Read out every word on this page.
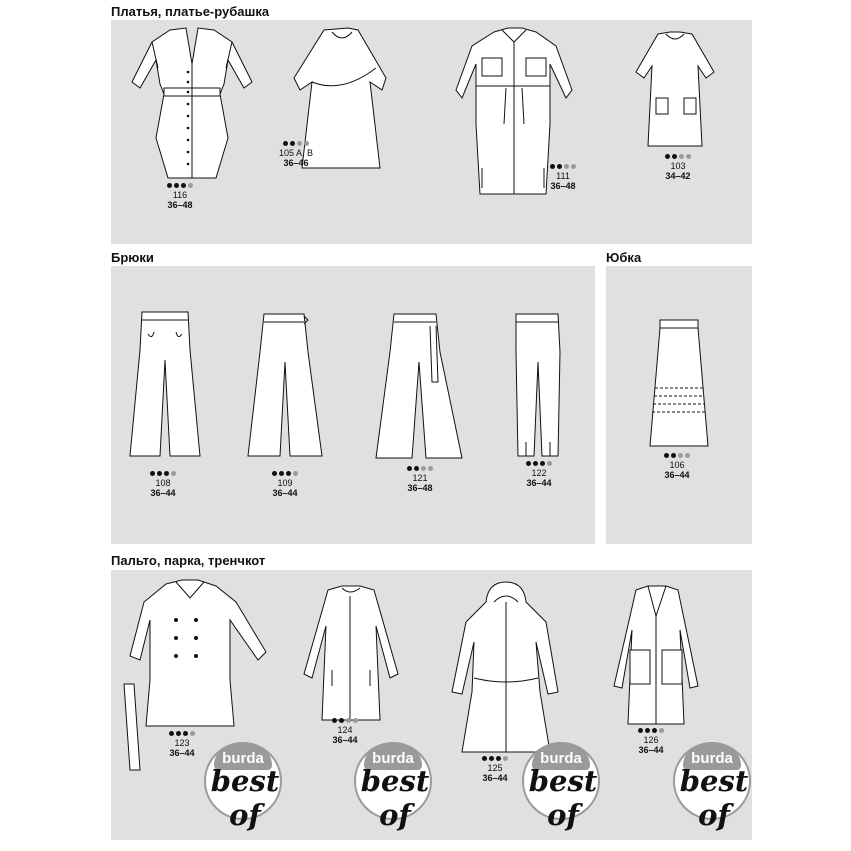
Платья, платье-рубашка
Брюки	Юбка
Пальто, парка, тренчкот
116
36–48
105 A, B
36–46
111
36–48
103
34–42
108
36–44
109
36–44
121
36–48
122
36–44
106
36–44
123
36–44
124
36–44
125
36–44
126
36–44
burda
best of
burda
best of
burda
best of
burda
best of
